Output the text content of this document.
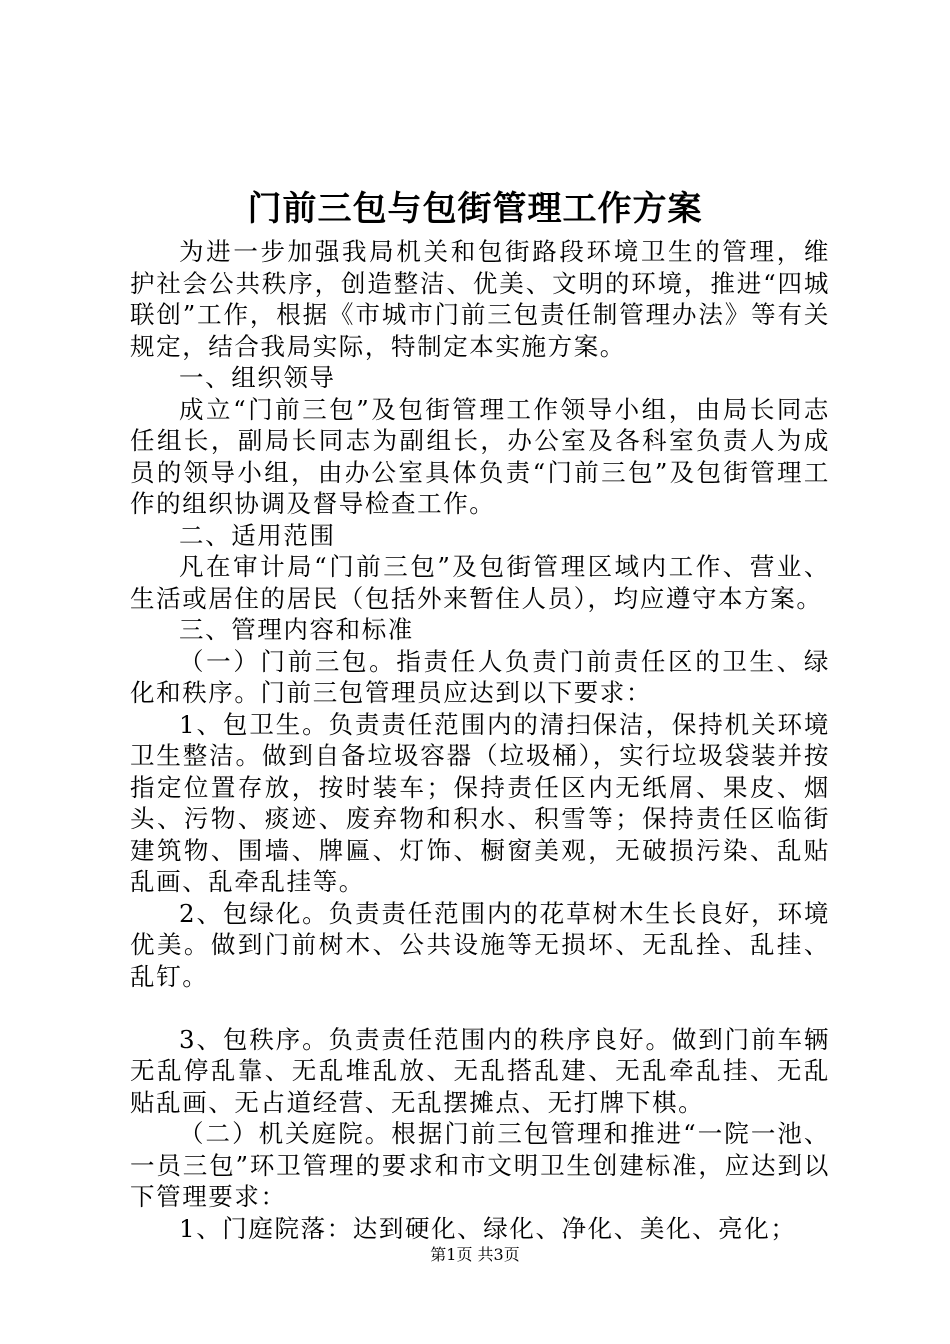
门前三包与包街管理工作方案

为进一步加强我局机关和包街路段环境卫生的管理，维护社会公共秩序，创造整洁、优美、文明的环境，推进“四城联创”工作，根据《市城市门前三包责任制管理办法》等有关规定，结合我局实际，特制定本实施方案。

一、组织领导

成立“门前三包”及包街管理工作领导小组，由局长同志任组长，副局长同志为副组长，办公室及各科室负责人为成员的领导小组，由办公室具体负责“门前三包”及包街管理工作的组织协调及督导检查工作。

二、适用范围

凡在审计局“门前三包”及包街管理区域内工作、营业、生活或居住的居民（包括外来暂住人员），均应遵守本方案。

三、管理内容和标准

（一）门前三包。指责任人负责门前责任区的卫生、绿化和秩序。门前三包管理员应达到以下要求：

1、包卫生。负责责任范围内的清扫保洁，保持机关环境卫生整洁。做到自备垃圾容器（垃圾桶），实行垃圾袋装并按指定位置存放，按时装车；保持责任区内无纸屑、果皮、烟头、污物、痰迹、废弃物和积水、积雪等；保持责任区临街建筑物、围墙、牌匾、灯饰、橱窗美观，无破损污染、乱贴乱画、乱牵乱挂等。

2、包绿化。负责责任范围内的花草树木生长良好，环境优美。做到门前树木、公共设施等无损坏、无乱拴、乱挂、乱钉。

3、包秩序。负责责任范围内的秩序良好。做到门前车辆无乱停乱靠、无乱堆乱放、无乱搭乱建、无乱牵乱挂、无乱贴乱画、无占道经营、无乱摆摊点、无打牌下棋。

（二）机关庭院。根据门前三包管理和推进“一院一池、一员三包”环卫管理的要求和市文明卫生创建标准，应达到以下管理要求：

1、门庭院落：达到硬化、绿化、净化、美化、亮化；

第1页 共3页
